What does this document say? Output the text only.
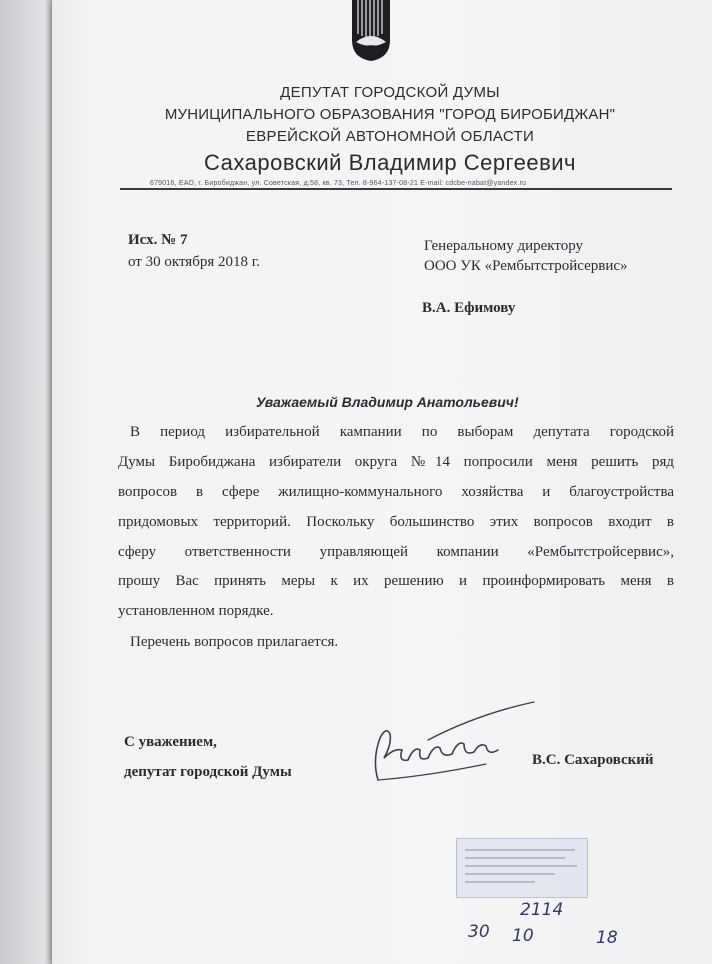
ДЕПУТАТ ГОРОДСКОЙ ДУМЫ
МУНИЦИПАЛЬНОГО ОБРАЗОВАНИЯ "ГОРОД БИРОБИДЖАН"
ЕВРЕЙСКОЙ АВТОНОМНОЙ ОБЛАСТИ
Сахаровский Владимир Сергеевич
679016, ЕАО, г. Биробиджан, ул. Советская, д.58, кв. 73, Тел. 8-964-137-08-21 E-mail: cdcbe-nabat@yandex.ru
Исх. № 7
от 30 октября 2018 г.
Генеральному директору
ООО УК «Рембытстройсервис»
В.А. Ефимову
Уважаемый Владимир Анатольевич!
В период избирательной кампании по выборам депутата городской
Думы Биробиджана избиратели округа №14 попросили меня решить ряд
вопросов в сфере жилищно-коммунального хозяйства и благоустройства
придомовых территорий. Поскольку большинство этих вопросов входит в
сферу ответственности управляющей компании «Рембытстройсервис»,
прошу Вас принять меры к их решению и проинформировать меня в
установленном порядке.
Перечень вопросов прилагается.
С уважением,
депутат городской Думы
В.С. Сахаровский
2114
30 10	18
